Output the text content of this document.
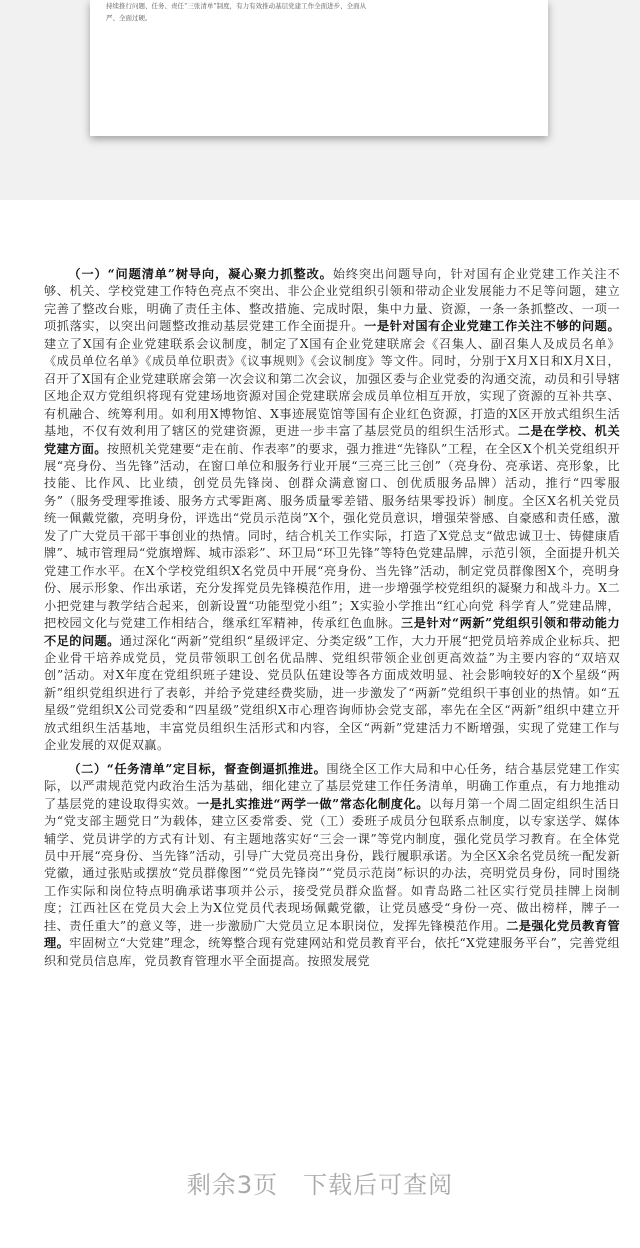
持续推行问题、任务、责任“三张清单”制度，有力有效推动基层党建工作全面进步、全面从
严、全面过硬。

（一）“问题清单”树导向，凝心聚力抓整改。始终突出问题导向，针对国有企业党建工作关注不够、机关、学校党建工作特色亮点不突出、非公企业党组织引领和带动企业发展能力不足等问题，建立完善了整改台账，明确了责任主体、整改措施、完成时限，集中力量、资源，一条一条抓整改、一项一项抓落实，以突出问题整改推动基层党建工作全面提升。一是针对国有企业党建工作关注不够的问题。建立了X国有企业党建联系会议制度，制定了X国有企业党建联席会《召集人、副召集人及成员名单》《成员单位名单》《成员单位职责》《议事规则》《会议制度》等文件。同时，分别于X月X日和X月X日，召开了X国有企业党建联席会第一次会议和第二次会议，加强区委与企业党委的沟通交流，动员和引导辖区地企双方党组织将现有党建场地资源对国企党建联席会成员单位相互开放，实现了资源的互补共享、有机融合、统筹利用。如利用X博物馆、X事迹展览馆等国有企业红色资源，打造的X区开放式组织生活基地，不仅有效利用了辖区的党建资源，更进一步丰富了基层党员的组织生活形式。二是在学校、机关党建方面。按照机关党建要“走在前、作表率”的要求，强力推进“先锋队”工程，在全区X个机关党组织开展“亮身份、当先锋”活动，在窗口单位和服务行业开展“三亮三比三创”（亮身份、亮承诺、亮形象，比技能、比作风、比业绩，创党员先锋岗、创群众满意窗口、创优质服务品牌）活动，推行“四零服务”（服务受理零推诿、服务方式零距离、服务质量零差错、服务结果零投诉）制度。全区X名机关党员统一佩戴党徽，亮明身份，评选出“党员示范岗”X个，强化党员意识，增强荣誉感、自豪感和责任感，激发了广大党员干部干事创业的热情。同时，结合机关工作实际，打造了X党总支“做忠诚卫士、铸健康盾牌”、城市管理局“党旗增辉、城市添彩”、环卫局“环卫先锋”等特色党建品牌，示范引领，全面提升机关党建工作水平。在X个学校党组织X名党员中开展“亮身份、当先锋”活动，制定党员群像图X个，亮明身份、展示形象、作出承诺，充分发挥党员先锋模范作用，进一步增强学校党组织的凝聚力和战斗力。X二小把党建与教学结合起来，创新设置“功能型党小组”；X实验小学推出“红心向党 科学育人”党建品牌，把校园文化与党建工作相结合，继承红军精神，传承红色血脉。三是针对“两新”党组织引领和带动能力不足的问题。通过深化“两新”党组织“星级评定、分类定级”工作，大力开展“把党员培养成企业标兵、把企业骨干培养成党员，党员带领职工创名优品牌、党组织带领企业创更高效益”为主要内容的“双培双创”活动。对X年度在党组织班子建设、党员队伍建设等各方面成效明显、社会影响较好的X个星级“两新”组织党组织进行了表彰，并给予党建经费奖励，进一步激发了“两新”党组织干事创业的热情。如“五星级”党组织X公司党委和“四星级”党组织X市心理咨询师协会党支部，率先在全区“两新”组织中建立开放式组织生活基地，丰富党员组织生活形式和内容，全区“两新”党建活力不断增强，实现了党建工作与企业发展的双促双赢。

（二）“任务清单”定目标，督查倒逼抓推进。围绕全区工作大局和中心任务，结合基层党建工作实际，以严肃规范党内政治生活为基础，细化建立了基层党建工作任务清单，明确工作重点，有力地推动了基层党的建设取得实效。一是扎实推进“两学一做”常态化制度化。以每月第一个周二固定组织生活日为“党支部主题党日”为载体，建立区委常委、党（工）委班子成员分包联系点制度，以专家送学、媒体辅学、党员讲学的方式有计划、有主题地落实好“三会一课”等党内制度，强化党员学习教育。在全体党员中开展“亮身份、当先锋”活动，引导广大党员亮出身份，践行履职承诺。为全区X余名党员统一配发新党徽，通过张贴或摆放“党员群像图”“党员先锋岗”“党员示范岗”标识的办法，亮明党员身份，同时围绕工作实际和岗位特点明确承诺事项并公示，接受党员群众监督。如青岛路二社区实行党员挂牌上岗制度；江西社区在党员大会上为X位党员代表现场佩戴党徽，让党员感受“身份一亮、做出榜样，牌子一挂、责任重大”的意义等，进一步激励广大党员立足本职岗位，发挥先锋模范作用。二是强化党员教育管理。牢固树立“大党建”理念，统筹整合现有党建网站和党员教育平台，依托“X党建服务平台”，完善党组织和党员信息库，党员教育管理水平全面提高。按照发展党

剩余3页　下载后可查阅
